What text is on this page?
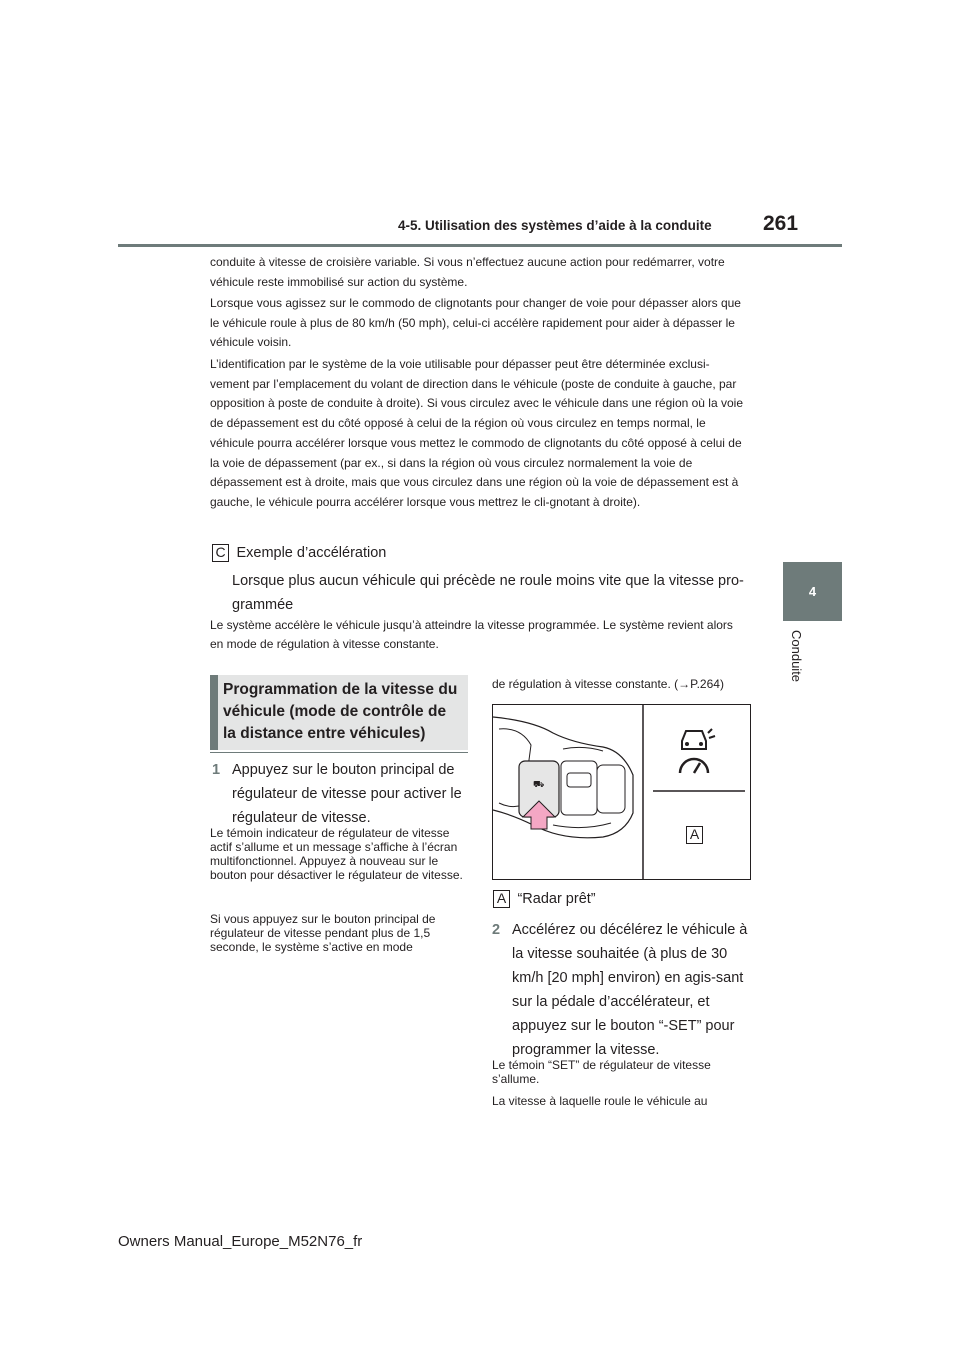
4-5. Utilisation des systèmes d’aide à la conduite 261
4
Conduite

conduite à vitesse de croisière variable. Si vous n’effectuez aucune action pour redémarrer, votre véhicule reste immobilisé sur action du système.

Lorsque vous agissez sur le commodo de clignotants pour changer de voie pour dépasser alors que le véhicule roule à plus de 80 km/h (50 mph), celui-ci accélère rapidement pour aider à dépasser le véhicule voisin.

L’identification par le système de la voie utilisable pour dépasser peut être déterminée exclusi-vement par l’emplacement du volant de direction dans le véhicule (poste de conduite à gauche, par opposition à poste de conduite à droite). Si vous circulez avec le véhicule dans une région où la voie de dépassement est du côté opposé à celui de la région où vous circulez en temps normal, le véhicule pourra accélérer lorsque vous mettez le commodo de clignotants du côté opposé à celui de la voie de dépassement (par ex., si dans la région où vous circulez normalement la voie de dépassement est à droite, mais que vous circulez dans une région où la voie de dépassement est à gauche, le véhicule pourra accélérer lorsque vous mettrez le cli-gnotant à droite).

C Exemple d’accélération
Lorsque plus aucun véhicule qui précède ne roule moins vite que la vitesse pro-grammée

Le système accélère le véhicule jusqu’à atteindre la vitesse programmée. Le système revient alors en mode de régulation à vitesse constante.

Programmation de la vitesse du véhicule (mode de contrôle de la distance entre véhicules)
1 Appuyez sur le bouton principal de régulateur de vitesse pour activer le régulateur de vitesse.

Le témoin indicateur de régulateur de vitesse actif s’allume et un message s’affiche à l’écran multifonctionnel. Appuyez à nouveau sur le bouton pour désactiver le régulateur de vitesse.

Si vous appuyez sur le bouton principal de régulateur de vitesse pendant plus de 1,5 seconde, le système s’active en mode

de régulation à vitesse constante. (→P.264)
⛟
A
A “Radar prêt”
2 Accélérez ou décélérez le véhicule à la vitesse souhaitée (à plus de 30 km/h [20 mph] environ) en agis-sant sur la pédale d’accélérateur, et appuyez sur le bouton “-SET” pour programmer la vitesse.

Le témoin “SET” de régulateur de vitesse s’allume.

La vitesse à laquelle roule le véhicule au

Owners Manual_Europe_M52N76_fr
